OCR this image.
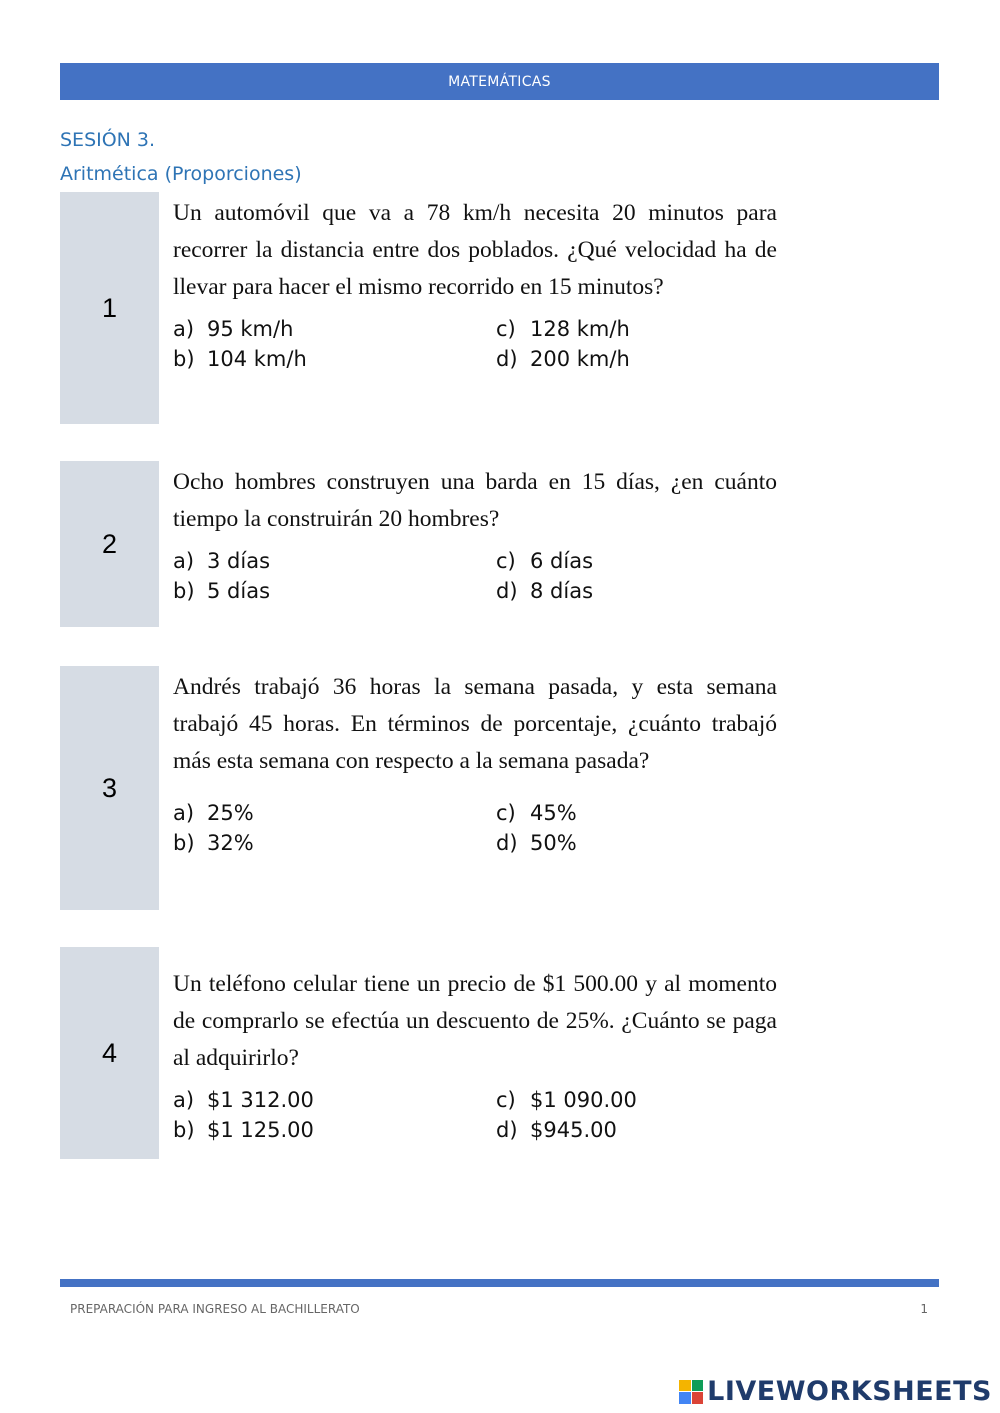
MATEMÁTICAS
SESIÓN 3.
Aritmética (Proporciones)
1
Un automóvil que va a 78 km/h necesita 20 minutos para recorrer la distancia entre dos poblados. ¿Qué velocidad ha de llevar para hacer el mismo recorrido en 15 minutos?
a) 95 km/h	c) 128 km/h
b) 104 km/h	d) 200 km/h
2
Ocho hombres construyen una barda en 15 días, ¿en cuánto tiempo la construirán 20 hombres?
a) 3 días	c) 6 días
b) 5 días	d) 8 días
3
Andrés trabajó 36 horas la semana pasada, y esta semana trabajó 45 horas. En términos de porcentaje, ¿cuánto trabajó más esta semana con respecto a la semana pasada?
a) 25%	c) 45%
b) 32%	d) 50%
4
Un teléfono celular tiene un precio de $1 500.00 y al momento de comprarlo se efectúa un descuento de 25%. ¿Cuánto se paga al adquirirlo?
a) $1 312.00	c) $1 090.00
b) $1 125.00	d) $945.00
PREPARACIÓN PARA INGRESO AL BACHILLERATO	1
LIVEWORKSHEETS
